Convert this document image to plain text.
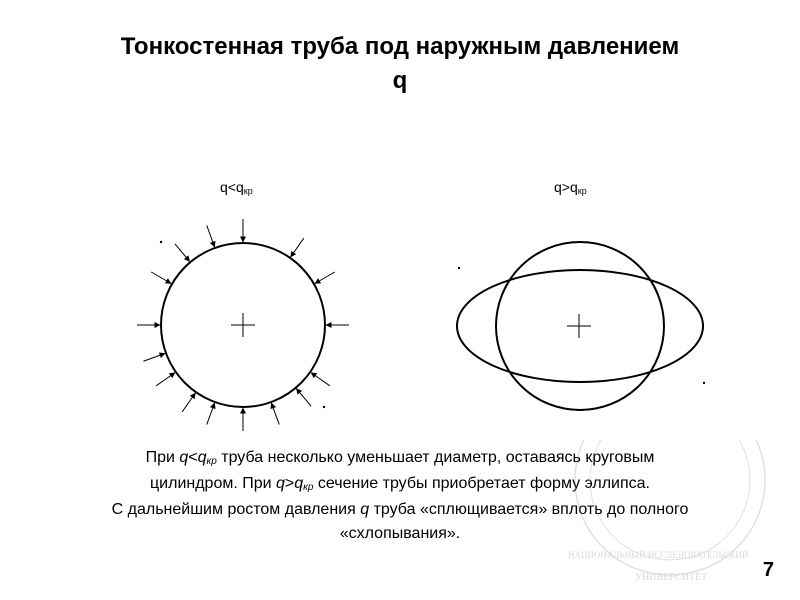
Тонкостенная труба под наружным давлением
q
q<qкр	q>qкр
При q<qкр труба несколько уменьшает диаметр, оставаясь круговым
цилиндром. При q>qкр сечение трубы приобретает форму эллипса.
С дальнейшим ростом давления q труба «сплющивается» вплоть до полного
«схлопывания».
НАЦИОНАЛЬНЫЙ ИССЛЕДОВАТЕЛЬСКИЙ
УНИВЕРСИТЕТ	7
